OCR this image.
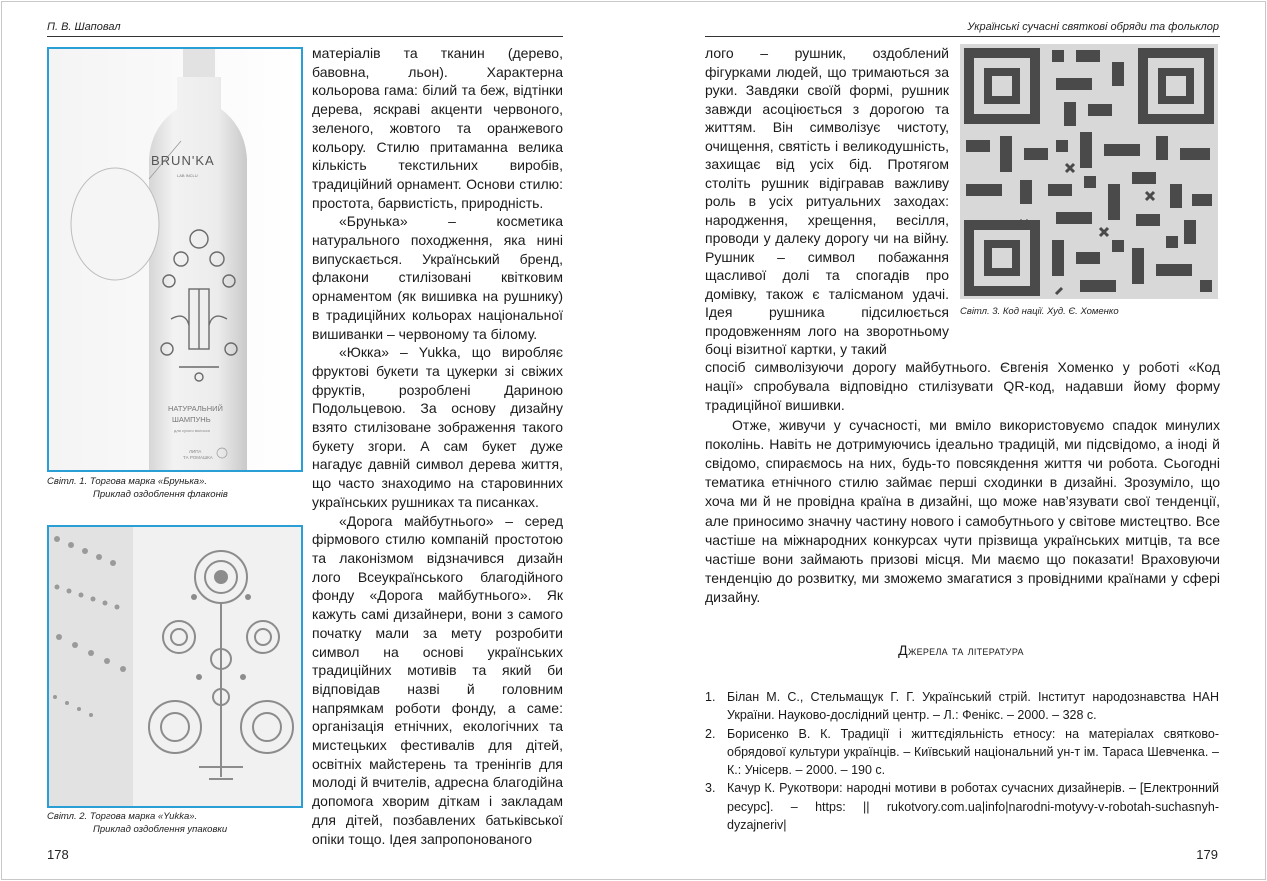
П. В. Шаповал	Українські сучасні святкові обряди та фольклор
BRUN'KA
LAB INCLU
НАТУРАЛЬНИЙ
ШАМПУНЬ
для сухого волосся
ЛИПА
ТА РОМАШКА
Світл. 1. Торгова марка «Брунька».
Приклад оздоблення флаконів
Світл. 2. Торгова марка «Yukka».
Приклад оздоблення упаковки

матеріалів та тканин (дерево, бавовна, льон). Характерна кольорова гама: білий та беж, відтінки дерева, яскраві акценти червоного, зеленого, жовтого та оранжевого кольору. Стилю притаманна велика кількість текстильних виробів, традиційний орнамент. Основи стилю: простота, барвистість, природність.

«Брунька» – косметика натурального походження, яка нині випускається. Український бренд, флакони стилізовані квітковим орнаментом (як вишивка на рушнику) в традиційних кольорах національної вишиванки – червоному та білому.

«Юкка» – Yukka, що виробляє фруктові букети та цукерки зі свіжих фруктів, розроблені Дариною Подольцевою. За основу дизайну взято стилізоване зображення такого букету згори. А сам букет дуже нагадує давній символ дерева життя, що часто знаходимо на старовинних українських рушниках та писанках.

«Дорога майбутнього» – серед фірмового стилю компаній простотою та лаконізмом відзначився дизайн лого Всеукраїнського благодійного фонду «Дорога майбутнього». Як кажуть самі дизайнери, вони з самого початку мали за мету розробити символ на основі українських традиційних мотивів та який би відповідав назві й головним напрямкам роботи фонду, а саме: організація етнічних, екологічних та мистецьких фестивалів для дітей, освітніх майстерень та тренінгів для молоді й вчителів, адресна благодійна допомога хворим діткам і закладам для дітей, позбавлених батьківської опіки тощо. Ідея запропонованого

лого – рушник, оздоблений фігурками людей, що тримаються за руки. Завдяки своїй формі, рушник завжди асоціюється з дорогою та життям. Він символізує чистоту, очищення, святість і великодушність, захищає від усіх бід. Протягом століть рушник відігравав важливу роль в усіх ритуальних заходах: народження, хрещення, весілля, проводи у далеку дорогу чи на війну. Рушник – символ побажання щасливої долі та спогадів про домівку, також є талісманом удачі. Ідея рушника підсилюється продовженням лого на зворотньому боці візитної картки, у такий

Світл. 3. Код нації. Худ. Є. Хоменко

спосіб символізуючи дорогу майбутнього. Євгенія Хоменко у роботі «Код нації» спробувала відповідно стилізувати QR-код, надавши йому форму традиційної вишивки.

Отже, живучи у сучасності, ми вміло використовуємо спадок минулих поколінь. Навіть не дотримуючись ідеально традицій, ми підсвідомо, а іноді й свідомо, спираємось на них, будь-то повсякдення життя чи робота. Сьогодні тематика етнічного стилю займає перші сходинки в дизайні. Зрозуміло, що хоча ми й не провідна країна в дизайні, що може нав’язувати свої тенденції, але приносимо значну частину нового і самобутнього у світове мистецтво. Все частіше на міжнародних конкурсах чути прізвища українських митців, та все частіше вони займають призові місця. Ми маємо що показати! Враховуючи тенденцію до розвитку, ми зможемо змагатися з провідними країнами у сфері дизайну.

Джерела та література
1. Білан М. С., Стельмащук Г. Г. Український стрій. Інститут народознавства НАН України. Науково-дослідний центр. – Л.: Фенікс. – 2000. – 328 с.
2. Борисенко В. К. Традиції і життєдіяльність етносу: на матеріалах святково-обрядової культури українців. – Київський національний ун-т ім. Тараса Шевченка. – К.: Унісерв. – 2000. – 190 с.
3. Качур К. Рукотвори: народні мотиви в роботах сучасних дизайнерів. – [Електронний ресурс]. – https: || rukotvory.com.ua|info|narodni-motyvy-v-robotah-suchasnyh-dyzajneriv|
178	179
